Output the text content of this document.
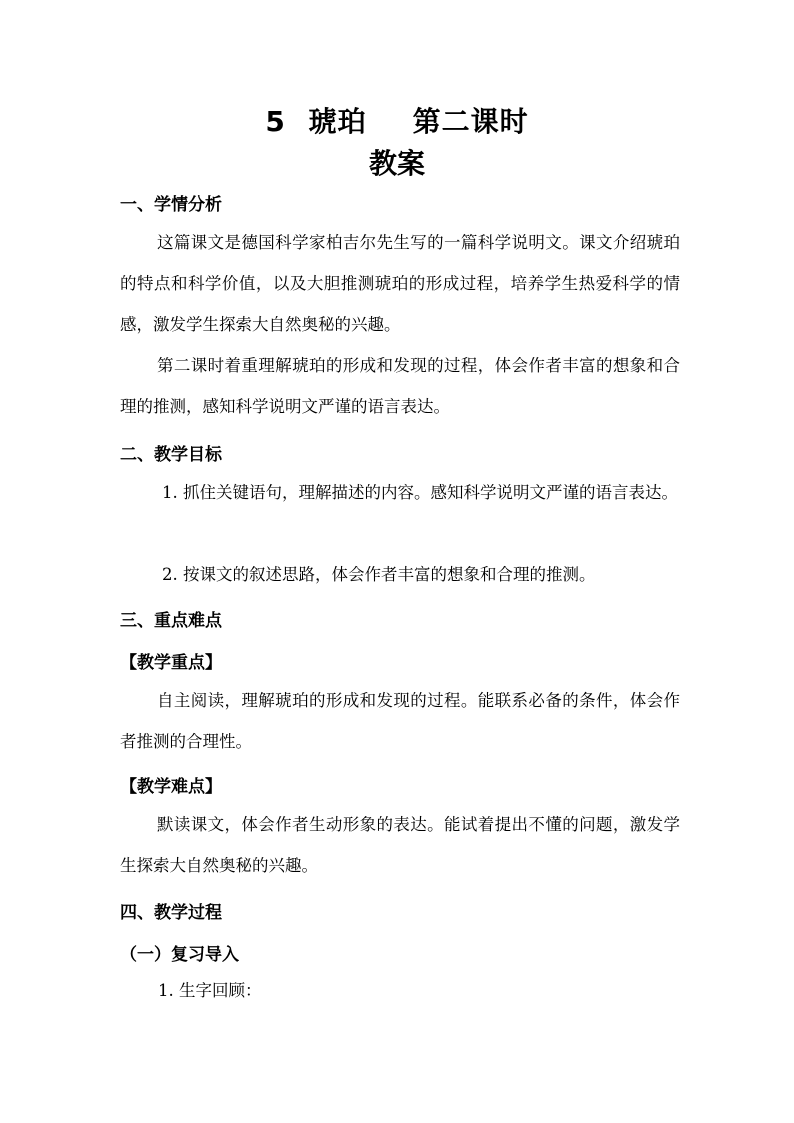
5 琥珀 第二课时
教案
一、学情分析
这篇课文是德国科学家柏吉尔先生写的一篇科学说明文。课文介绍琥珀的特点和科学价值，以及大胆推测琥珀的形成过程，培养学生热爱科学的情感，激发学生探索大自然奥秘的兴趣。
第二课时着重理解琥珀的形成和发现的过程，体会作者丰富的想象和合理的推测，感知科学说明文严谨的语言表达。
二、教学目标
1. 抓住关键语句，理解描述的内容。感知科学说明文严谨的语言表达。
2. 按课文的叙述思路，体会作者丰富的想象和合理的推测。
三、重点难点
【教学重点】
自主阅读，理解琥珀的形成和发现的过程。能联系必备的条件，体会作者推测的合理性。
【教学难点】
默读课文，体会作者生动形象的表达。能试着提出不懂的问题，激发学生探索大自然奥秘的兴趣。
四、教学过程
（一）复习导入
1. 生字回顾：
